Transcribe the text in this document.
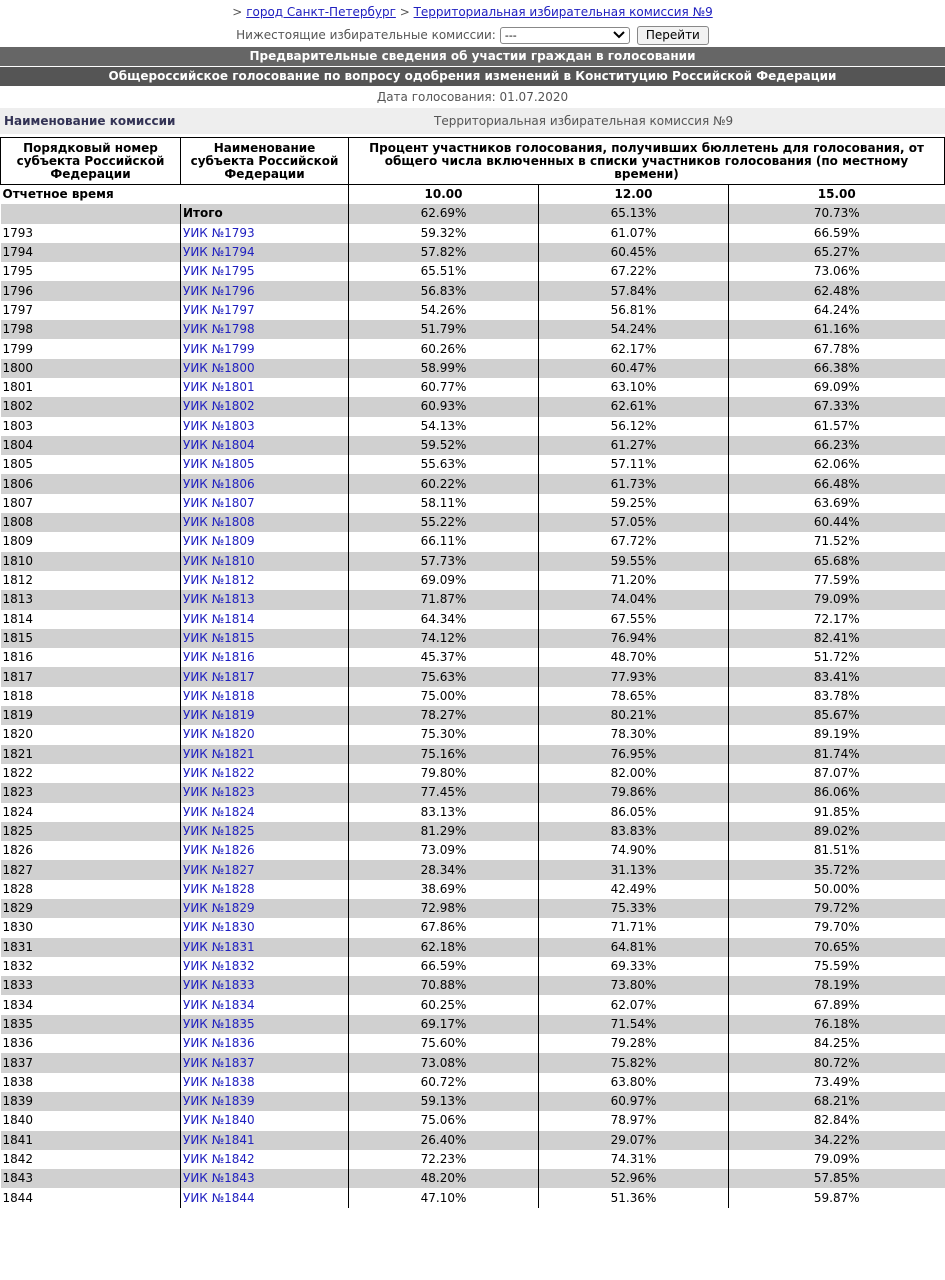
> город Санкт-Петербург > Территориальная избирательная комиссия №9
Нижестоящие избирательные комиссии: ---	Перейти
Предварительные сведения об участии граждан в голосовании
Общероссийское голосование по вопросу одобрения изменений в Конституцию Российской Федерации
Дата голосования: 01.07.2020
Наименование комиссии	Территориальная избирательная комиссия №9
Порядковый номер субъекта Российской Федерации	Наименование субъекта Российской Федерации	Процент участников голосования, получивших бюллетень для голосования, от общего числа включенных в списки участников голосования (по местному времени)		
Отчетное время		10.00	12.00	15.00
	Итого	62.69%	65.13%	70.73%
1793	УИК №1793	59.32%	61.07%	66.59%
1794	УИК №1794	57.82%	60.45%	65.27%
1795	УИК №1795	65.51%	67.22%	73.06%
1796	УИК №1796	56.83%	57.84%	62.48%
1797	УИК №1797	54.26%	56.81%	64.24%
1798	УИК №1798	51.79%	54.24%	61.16%
1799	УИК №1799	60.26%	62.17%	67.78%
1800	УИК №1800	58.99%	60.47%	66.38%
1801	УИК №1801	60.77%	63.10%	69.09%
1802	УИК №1802	60.93%	62.61%	67.33%
1803	УИК №1803	54.13%	56.12%	61.57%
1804	УИК №1804	59.52%	61.27%	66.23%
1805	УИК №1805	55.63%	57.11%	62.06%
1806	УИК №1806	60.22%	61.73%	66.48%
1807	УИК №1807	58.11%	59.25%	63.69%
1808	УИК №1808	55.22%	57.05%	60.44%
1809	УИК №1809	66.11%	67.72%	71.52%
1810	УИК №1810	57.73%	59.55%	65.68%
1812	УИК №1812	69.09%	71.20%	77.59%
1813	УИК №1813	71.87%	74.04%	79.09%
1814	УИК №1814	64.34%	67.55%	72.17%
1815	УИК №1815	74.12%	76.94%	82.41%
1816	УИК №1816	45.37%	48.70%	51.72%
1817	УИК №1817	75.63%	77.93%	83.41%
1818	УИК №1818	75.00%	78.65%	83.78%
1819	УИК №1819	78.27%	80.21%	85.67%
1820	УИК №1820	75.30%	78.30%	89.19%
1821	УИК №1821	75.16%	76.95%	81.74%
1822	УИК №1822	79.80%	82.00%	87.07%
1823	УИК №1823	77.45%	79.86%	86.06%
1824	УИК №1824	83.13%	86.05%	91.85%
1825	УИК №1825	81.29%	83.83%	89.02%
1826	УИК №1826	73.09%	74.90%	81.51%
1827	УИК №1827	28.34%	31.13%	35.72%
1828	УИК №1828	38.69%	42.49%	50.00%
1829	УИК №1829	72.98%	75.33%	79.72%
1830	УИК №1830	67.86%	71.71%	79.70%
1831	УИК №1831	62.18%	64.81%	70.65%
1832	УИК №1832	66.59%	69.33%	75.59%
1833	УИК №1833	70.88%	73.80%	78.19%
1834	УИК №1834	60.25%	62.07%	67.89%
1835	УИК №1835	69.17%	71.54%	76.18%
1836	УИК №1836	75.60%	79.28%	84.25%
1837	УИК №1837	73.08%	75.82%	80.72%
1838	УИК №1838	60.72%	63.80%	73.49%
1839	УИК №1839	59.13%	60.97%	68.21%
1840	УИК №1840	75.06%	78.97%	82.84%
1841	УИК №1841	26.40%	29.07%	34.22%
1842	УИК №1842	72.23%	74.31%	79.09%
1843	УИК №1843	48.20%	52.96%	57.85%
1844	УИК №1844	47.10%	51.36%	59.87%
